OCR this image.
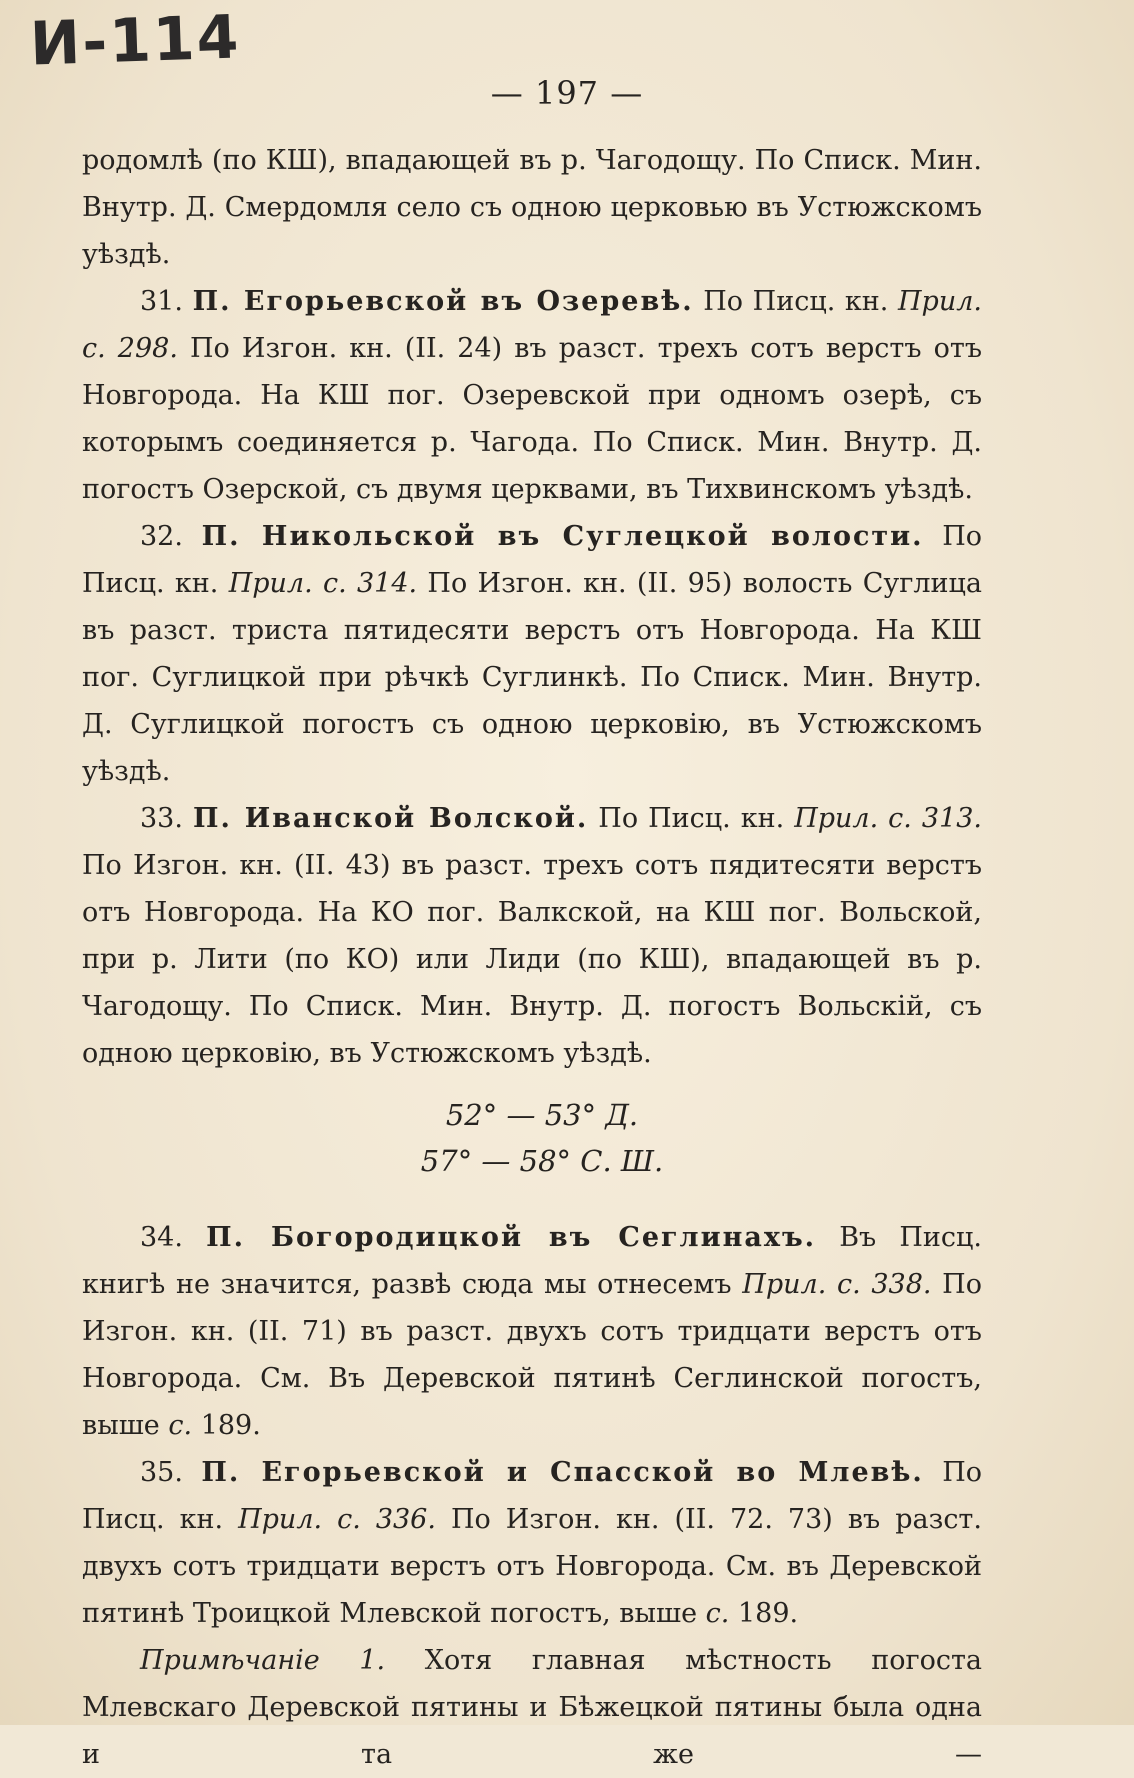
И-114
— 197 —

родомлѣ (по КШ), впадающей въ р. Чагодощу. По Списк. Мин.

Внутр. Д. Смердомля село съ одною церковью въ Устюжскомъ

уѣздѣ.

31. П. Егорьевской въ Озеревѣ. По Писц. кн. Прил. с. 298. По Изгон. кн. (II. 24) въ разст. трехъ сотъ верстъ отъ Новгорода. На КШ пог. Озеревской при одномъ озерѣ, съ которымъ соединяется р. Чагода. По Списк. Мин. Внутр. Д. погостъ Озерской, съ двумя церквами, въ Тихвинскомъ уѣздѣ.

32. П. Никольской въ Суглецкой волости. По Писц. кн. Прил. с. 314. По Изгон. кн. (II. 95) волость Суглица въ разст. триста пятидесяти верстъ отъ Новгорода. На КШ пог. Суглицкой при рѣчкѣ Суглинкѣ. По Списк. Мин. Внутр. Д. Суглицкой погостъ съ одною церковію, въ Устюжскомъ уѣздѣ.

33. П. Иванской Волской. По Писц. кн. Прил. с. 313. По Изгон. кн. (II. 43) въ разст. трехъ сотъ пядитесяти верстъ отъ Новгорода. На КО пог. Валкской, на КШ пог. Вольской, при р. Лити (по КО) или Лиди (по КШ), впадающей въ р. Чагодощу. По Списк. Мин. Внутр. Д. погостъ Вольскій, съ одною церковію, въ Устюжскомъ уѣздѣ.

52° — 53° Д.
57° — 58° С. Ш.

34. П. Богородицкой въ Сеглинахъ. Въ Писц. книгѣ не значится, развѣ сюда мы отнесемъ Прил. с. 338. По Изгон. кн. (II. 71) въ разст. двухъ сотъ тридцати верстъ отъ Новгорода. См. Въ Деревской пятинѣ Сеглинской погостъ, выше с. 189.

35. П. Егорьевской и Спасской во Млевѣ. По Писц. кн. Прил. с. 336. По Изгон. кн. (II. 72. 73) въ разст. двухъ сотъ тридцати верстъ отъ Новгорода. См. въ Деревской пятинѣ Троицкой Млевской погостъ, выше с. 189.

Примѣчаніе 1. Хотя главная мѣстность погоста Млевскаго Деревской пятины и Бѣжецкой пятины была одна и та же —
